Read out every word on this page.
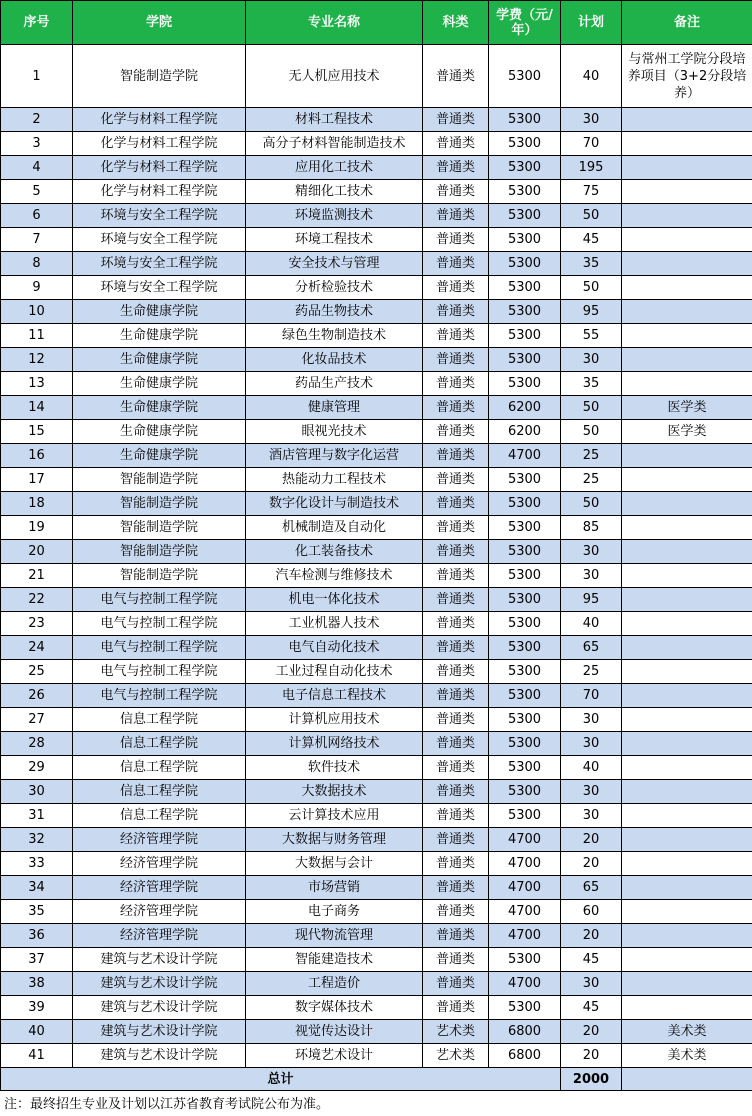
序号	学院	专业名称	科类	学费（元/年）	计划	备注
1	智能制造学院	无人机应用技术	普通类	5300	40	与常州工学院分段培养项目（3+2分段培养）
2	化学与材料工程学院	材料工程技术	普通类	5300	30	
3	化学与材料工程学院	高分子材料智能制造技术	普通类	5300	70	
4	化学与材料工程学院	应用化工技术	普通类	5300	195	
5	化学与材料工程学院	精细化工技术	普通类	5300	75	
6	环境与安全工程学院	环境监测技术	普通类	5300	50	
7	环境与安全工程学院	环境工程技术	普通类	5300	45	
8	环境与安全工程学院	安全技术与管理	普通类	5300	35	
9	环境与安全工程学院	分析检验技术	普通类	5300	50	
10	生命健康学院	药品生物技术	普通类	5300	95	
11	生命健康学院	绿色生物制造技术	普通类	5300	55	
12	生命健康学院	化妆品技术	普通类	5300	30	
13	生命健康学院	药品生产技术	普通类	5300	35	
14	生命健康学院	健康管理	普通类	6200	50	医学类
15	生命健康学院	眼视光技术	普通类	6200	50	医学类
16	生命健康学院	酒店管理与数字化运营	普通类	4700	25	
17	智能制造学院	热能动力工程技术	普通类	5300	25	
18	智能制造学院	数字化设计与制造技术	普通类	5300	50	
19	智能制造学院	机械制造及自动化	普通类	5300	85	
20	智能制造学院	化工装备技术	普通类	5300	30	
21	智能制造学院	汽车检测与维修技术	普通类	5300	30	
22	电气与控制工程学院	机电一体化技术	普通类	5300	95	
23	电气与控制工程学院	工业机器人技术	普通类	5300	40	
24	电气与控制工程学院	电气自动化技术	普通类	5300	65	
25	电气与控制工程学院	工业过程自动化技术	普通类	5300	25	
26	电气与控制工程学院	电子信息工程技术	普通类	5300	70	
27	信息工程学院	计算机应用技术	普通类	5300	30	
28	信息工程学院	计算机网络技术	普通类	5300	30	
29	信息工程学院	软件技术	普通类	5300	40	
30	信息工程学院	大数据技术	普通类	5300	30	
31	信息工程学院	云计算技术应用	普通类	5300	30	
32	经济管理学院	大数据与财务管理	普通类	4700	20	
33	经济管理学院	大数据与会计	普通类	4700	20	
34	经济管理学院	市场营销	普通类	4700	65	
35	经济管理学院	电子商务	普通类	4700	60	
36	经济管理学院	现代物流管理	普通类	4700	20	
37	建筑与艺术设计学院	智能建造技术	普通类	5300	45	
38	建筑与艺术设计学院	工程造价	普通类	4700	30	
39	建筑与艺术设计学院	数字媒体技术	普通类	5300	45	
40	建筑与艺术设计学院	视觉传达设计	艺术类	6800	20	美术类
41	建筑与艺术设计学院	环境艺术设计	艺术类	6800	20	美术类
总计					2000	
注：最终招生专业及计划以江苏省教育考试院公布为准。
